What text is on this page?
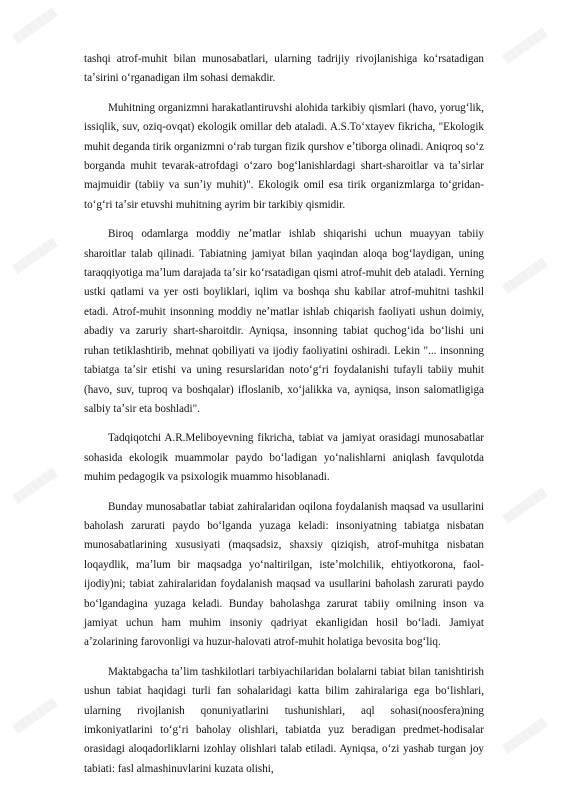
▓▓▓▓▓▓▓
▓▓▓▓▓▓▓
▓▓▓▓▓▓▓
▓▓▓▓▓▓▓
▓▓▓▓▓▓▓
▓▓▓▓▓▓▓
▓▓▓▓▓▓▓
▓▓▓▓▓▓▓

tashqi atrof-muhit bilan munosabatlari, ularning tadrijiy rivojlanishiga koʻrsatadigan taʼsirini oʻrganadigan ilm sohasi demakdir.

Muhitning organizmni harakatlantiruvshi alohida tarkibiy qismlari (havo, yorugʻlik, issiqlik, suv, oziq-ovqat) ekologik omillar deb ataladi. A.S.Toʻxtayev fikricha, "Ekologik muhit deganda tirik organizmni oʻrab turgan fizik qurshov eʼtiborga olinadi. Aniqroq soʻz borganda muhit tevarak-atrofdagi oʻzaro bogʻlanishlardagi shart-sharoitlar va taʼsirlar majmuidir (tabiiy va sunʼiy muhit)". Ekologik omil esa tirik organizmlarga toʻgridan-toʻgʻri taʼsir etuvshi muhitning ayrim bir tarkibiy qismidir.

Biroq odamlarga moddiy neʼmatlar ishlab shiqarishi uchun muayyan tabiiy sharoitlar talab qilinadi. Tabiatning jamiyat bilan yaqindan aloqa bogʻlaydigan, uning taraqqiyotiga maʼlum darajada taʼsir koʻrsatadigan qismi atrof-muhit deb ataladi. Yerning ustki qatlami va yer osti boyliklari, iqlim va boshqa shu kabilar atrof-muhitni tashkil etadi. Atrof-muhit insonning moddiy neʼmatlar ishlab chiqarish faoliyati ushun doimiy, abadiy va zaruriy shart-sharoitdir. Ayniqsa, insonning tabiat quchogʻida boʻlishi uni ruhan tetiklashtirib, mehnat qobiliyati va ijodiy faoliyatini oshiradi. Lekin "... insonning tabiatga taʼsir etishi va uning resurslaridan notoʻgʻri foydalanishi tufayli tabiiy muhit (havo, suv, tuproq va boshqalar) ifloslanib, xoʻjalikka va, ayniqsa, inson salomatligiga salbiy taʼsir eta boshladi".

Tadqiqotchi A.R.Meliboyevning fikricha, tabiat va jamiyat orasidagi munosabatlar sohasida ekologik muammolar paydo boʻladigan yoʻnalishlarni aniqlash favqulotda muhim pedagogik va psixologik muammo hisoblanadi.

Bunday munosabatlar tabiat zahiralaridan oqilona foydalanish maqsad va usullarini baholash zarurati paydo boʻlganda yuzaga keladi: insoniyatning tabiatga nisbatan munosabatlarining xususiyati (maqsadsiz, shaxsiy qiziqish, atrof-muhitga nisbatan loqaydlik, maʼlum bir maqsadga yoʻnaltirilgan, isteʼmolchilik, ehtiyotkorona, faol-ijodiy)ni; tabiat zahiralaridan foydalanish maqsad va usullarini baholash zarurati paydo boʻlgandagina yuzaga keladi. Bunday baholashga zarurat tabiiy omilning inson va jamiyat uchun ham muhim insoniy qadriyat ekanligidan hosil boʻladi. Jamiyat aʼzolarining farovonligi va huzur-halovati atrof-muhit holatiga bevosita bogʻliq.

Maktabgacha taʼlim tashkilotlari tarbiyachilaridan bolalarni tabiat bilan tanishtirish ushun tabiat haqidagi turli fan sohalaridagi katta bilim zahiralariga ega boʻlishlari, ularning rivojlanish qonuniyatlarini tushunishlari, aql sohasi(noosfera)ning imkoniyatlarini toʻgʻri baholay olishlari, tabiatda yuz beradigan predmet-hodisalar orasidagi aloqadorliklarni izohlay olishlari talab etiladi. Ayniqsa, oʻzi yashab turgan joy tabiati: fasl almashinuvlarini kuzata olishi,
